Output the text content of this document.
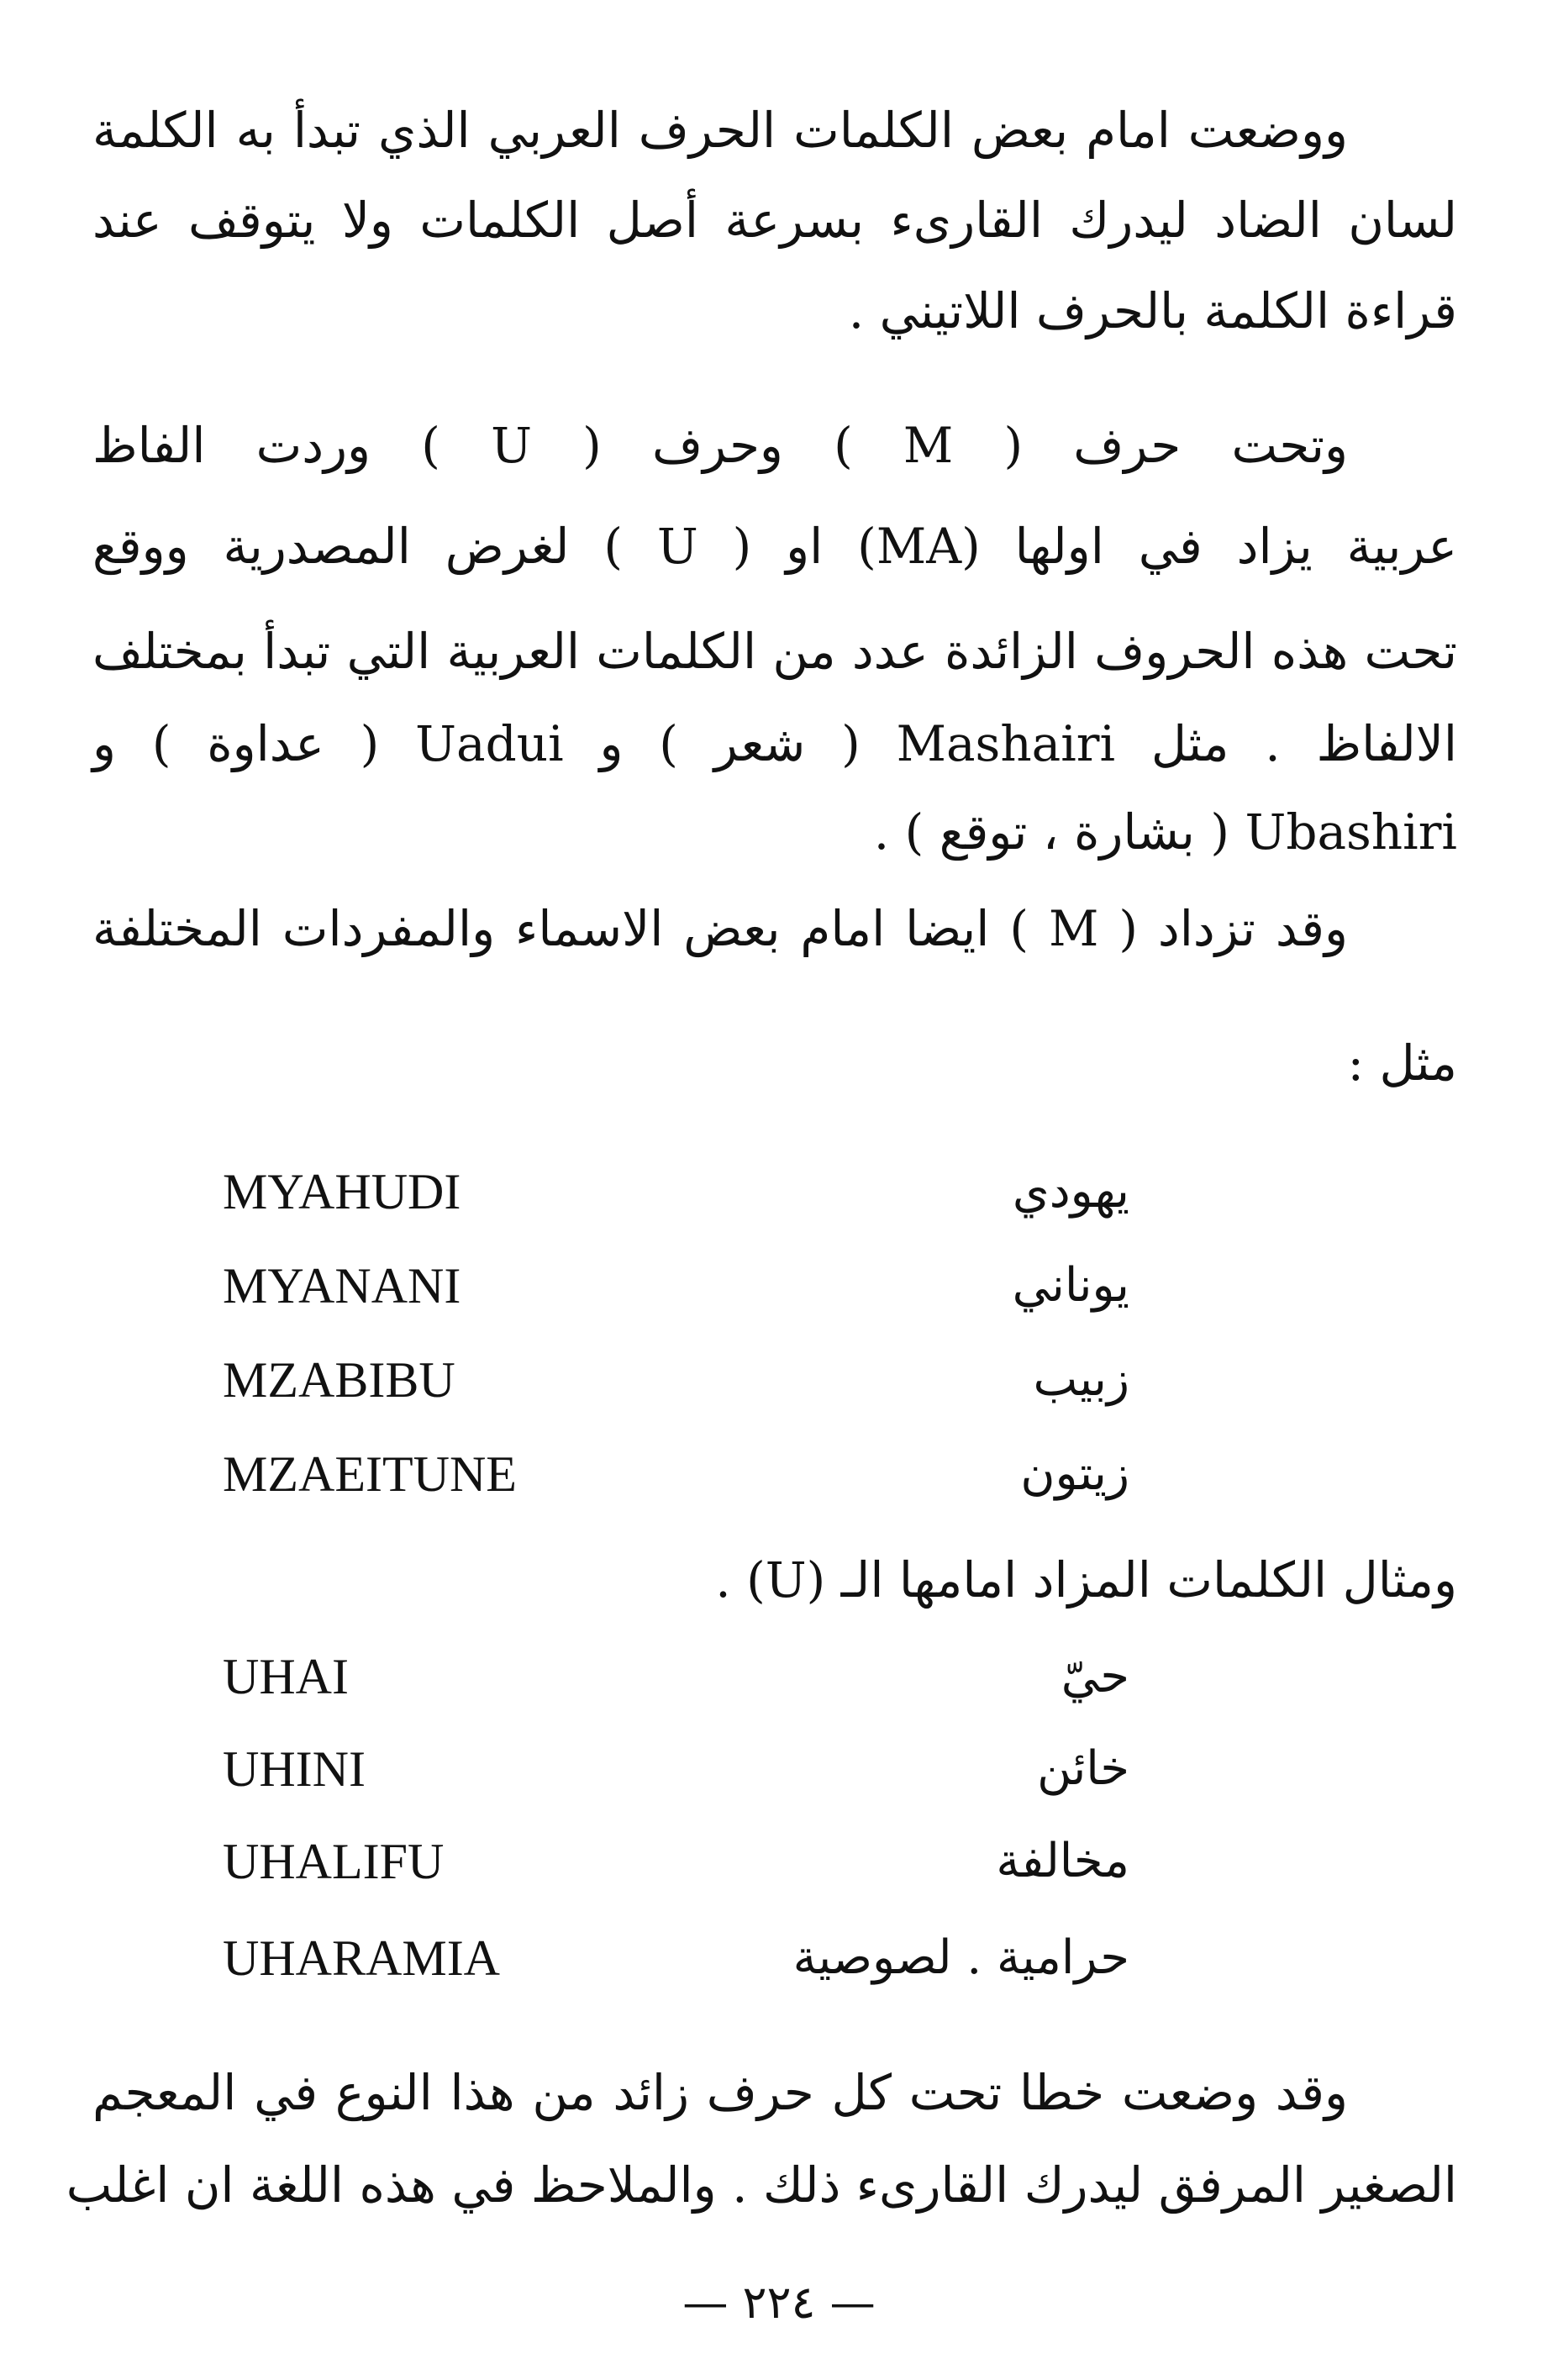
ووضعت امام بعض الكلمات الحرف العربي الذي تبدأ به الكلمة
لسان الضاد ليدرك القارىء بسرعة أصل الكلمات ولا يتوقف عند
قراءة الكلمة بالحرف اللاتيني .
وتحت حرف ( M ) وحرف ( U ) وردت الفاظ
عربية يزاد في اولها (MA) او ( U ) لغرض المصدرية ووقع
تحت هذه الحروف الزائدة عدد من الكلمات العربية التي تبدأ بمختلف
الالفاظ . مثل Mashairi ( شعر ) و Uadui ( عداوة ) و
Ubashiri ( بشارة ، توقع ) .
وقد تزداد ( M ) ايضا امام بعض الاسماء والمفردات المختلفة
مثل :
MYAHUDI	يهودي
MYANANI	يوناني
MZABIBU	زبيب
MZAEITUNE	زيتون
ومثال الكلمات المزاد امامها الـ (U) .
UHAI	حيّ
UHINI	خائن
UHALIFU	مخالفة
UHARAMIA	حرامية . لصوصية
وقد وضعت خطا تحت كل حرف زائد من هذا النوع في المعجم
الصغير المرفق ليدرك القارىء ذلك . والملاحظ في هذه اللغة ان اغلب
— ٢٢٤ —
